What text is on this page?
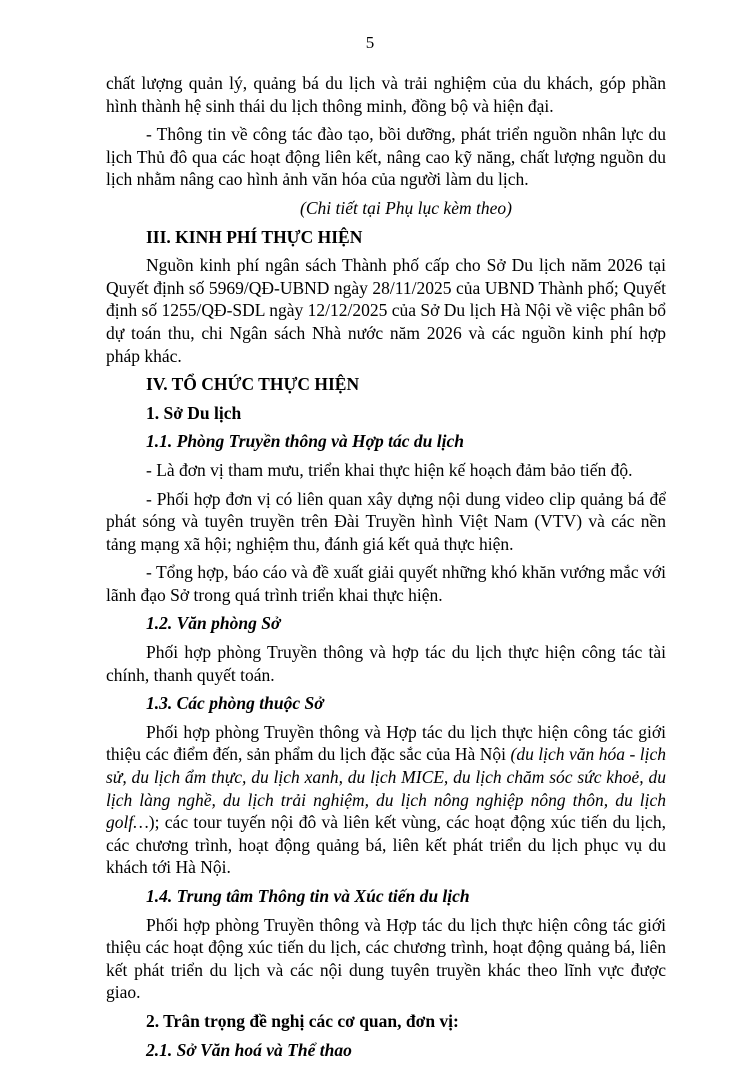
5

chất lượng quản lý, quảng bá du lịch và trải nghiệm của du khách, góp phần hình thành hệ sinh thái du lịch thông minh, đồng bộ và hiện đại.

- Thông tin về công tác đào tạo, bồi dưỡng, phát triển nguồn nhân lực du lịch Thủ đô qua các hoạt động liên kết, nâng cao kỹ năng, chất lượng nguồn du lịch nhằm nâng cao hình ảnh văn hóa của người làm du lịch.

(Chi tiết tại Phụ lục kèm theo)

III. KINH PHÍ THỰC HIỆN

Nguồn kinh phí ngân sách Thành phố cấp cho Sở Du lịch năm 2026 tại Quyết định số 5969/QĐ-UBND ngày 28/11/2025 của UBND Thành phố; Quyết định số 1255/QĐ-SDL ngày 12/12/2025 của Sở Du lịch Hà Nội về việc phân bổ dự toán thu, chi Ngân sách Nhà nước năm 2026 và các nguồn kinh phí hợp pháp khác.

IV. TỔ CHỨC THỰC HIỆN

1. Sở Du lịch

1.1. Phòng Truyền thông và Hợp tác du lịch

- Là đơn vị tham mưu, triển khai thực hiện kế hoạch đảm bảo tiến độ.

- Phối hợp đơn vị có liên quan xây dựng nội dung video clip quảng bá để phát sóng và tuyên truyền trên Đài Truyền hình Việt Nam (VTV) và các nền tảng mạng xã hội; nghiệm thu, đánh giá kết quả thực hiện.

- Tổng hợp, báo cáo và đề xuất giải quyết những khó khăn vướng mắc với lãnh đạo Sở trong quá trình triển khai thực hiện.

1.2. Văn phòng Sở

Phối hợp phòng Truyền thông và hợp tác du lịch thực hiện công tác tài chính, thanh quyết toán.

1.3. Các phòng thuộc Sở

Phối hợp phòng Truyền thông và Hợp tác du lịch thực hiện công tác giới thiệu các điểm đến, sản phẩm du lịch đặc sắc của Hà Nội (du lịch văn hóa - lịch sử, du lịch ẩm thực, du lịch xanh, du lịch MICE, du lịch chăm sóc sức khoẻ, du lịch làng nghề, du lịch trải nghiệm, du lịch nông nghiệp nông thôn, du lịch golf…); các tour tuyến nội đô và liên kết vùng, các hoạt động xúc tiến du lịch, các chương trình, hoạt động quảng bá, liên kết phát triển du lịch phục vụ du khách tới Hà Nội.

1.4. Trung tâm Thông tin và Xúc tiến du lịch

Phối hợp phòng Truyền thông và Hợp tác du lịch thực hiện công tác giới thiệu các hoạt động xúc tiến du lịch, các chương trình, hoạt động quảng bá, liên kết phát triển du lịch và các nội dung tuyên truyền khác theo lĩnh vực được giao.

2. Trân trọng đề nghị các cơ quan, đơn vị:

2.1. Sở Văn hoá và Thể thao
